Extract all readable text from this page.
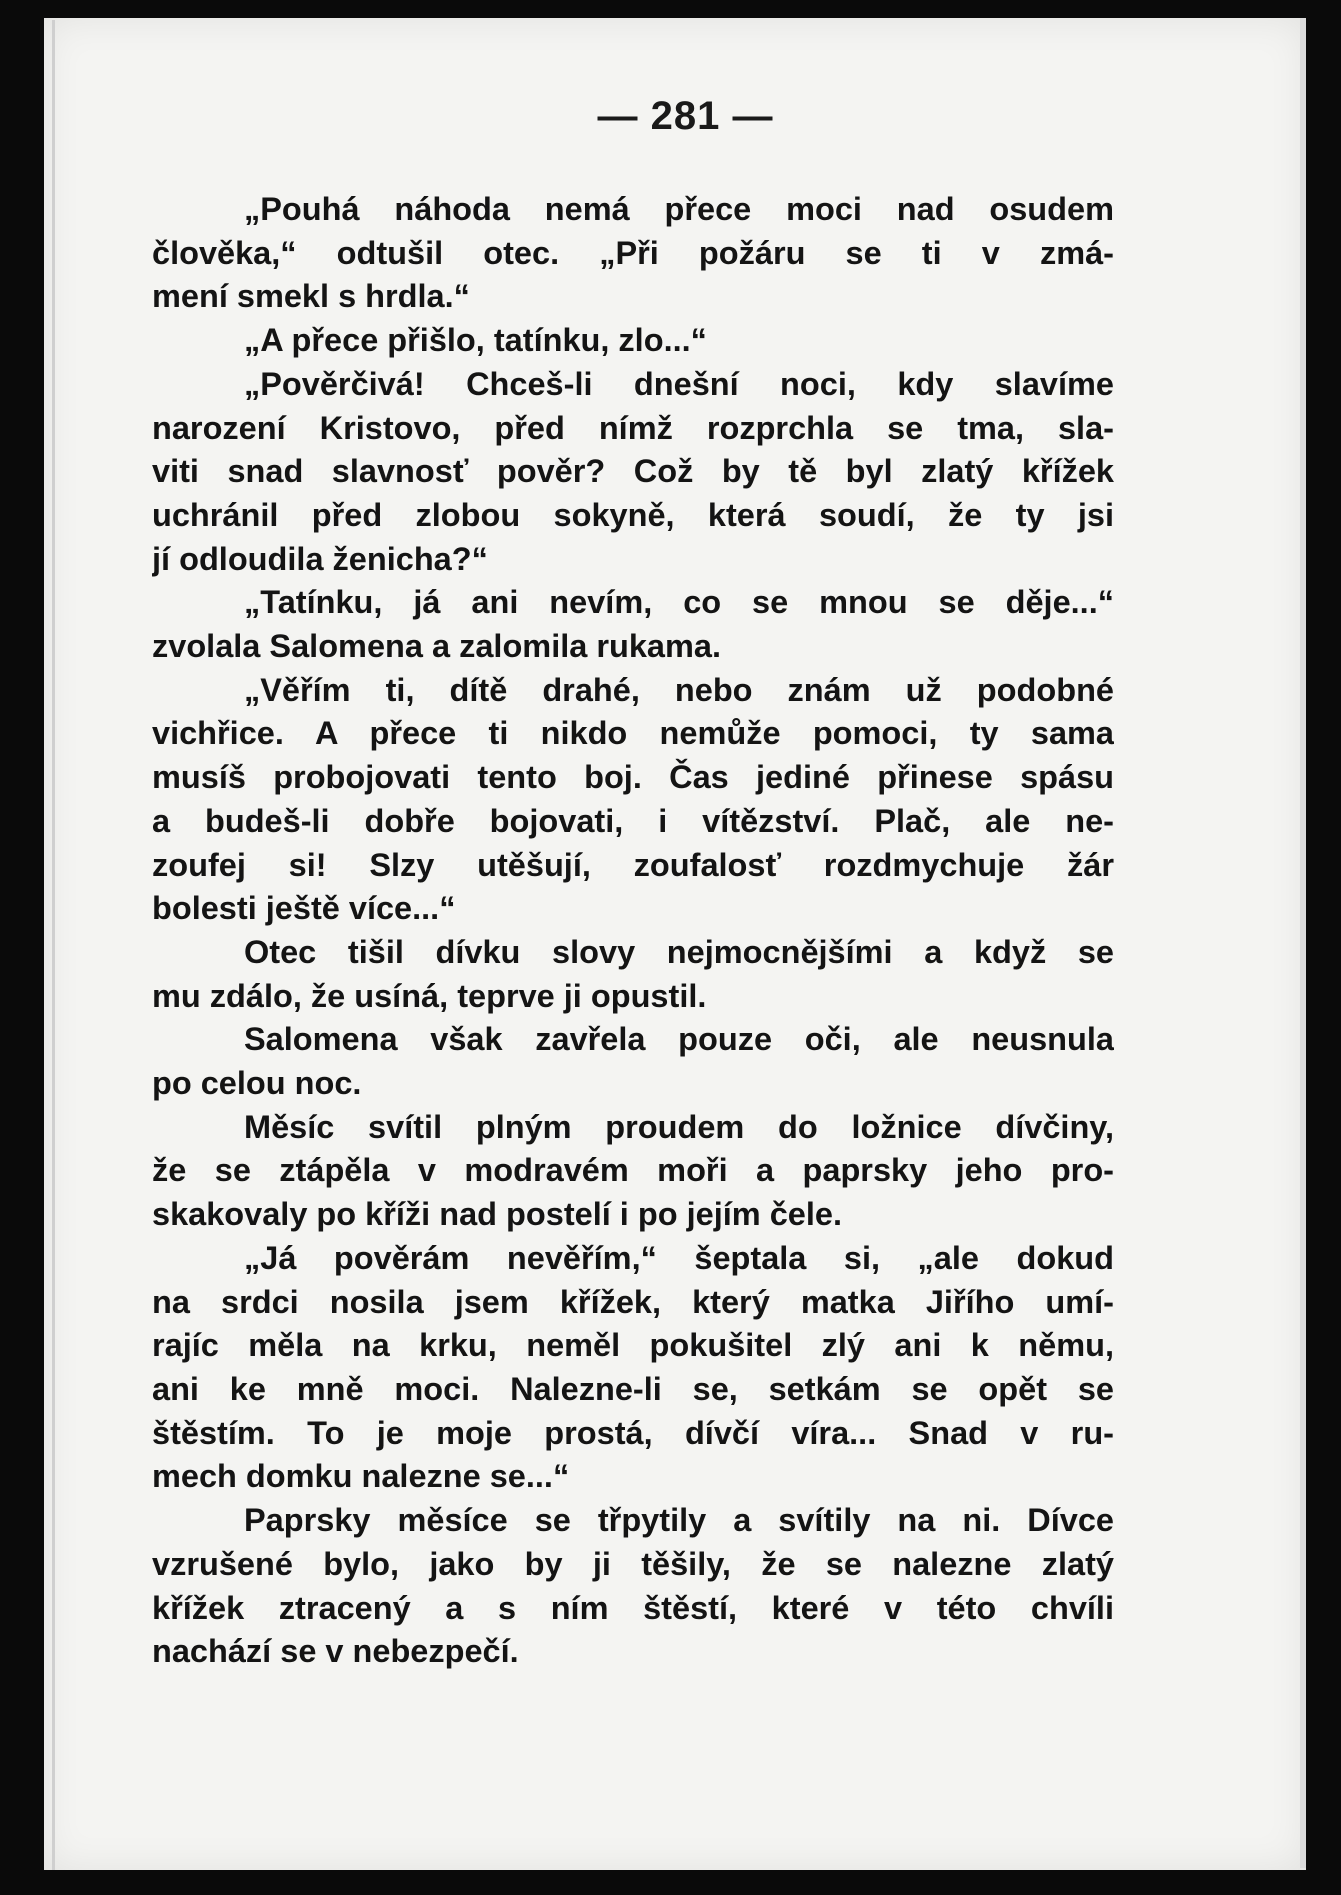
— 281 —
„Pouhá náhoda nemá přece moci nad osudem
člověka,“ odtušil otec. „Při požáru se ti v zmá-
mení smekl s hrdla.“
„A přece přišlo, tatínku, zlo...“
„Pověrčivá! Chceš-li dnešní noci, kdy slavíme
narození Kristovo, před nímž rozprchla se tma, sla-
viti snad slavnosť pověr? Což by tě byl zlatý křížek
uchránil před zlobou sokyně, která soudí, že ty jsi
jí odloudila ženicha?“
„Tatínku, já ani nevím, co se mnou se děje...“
zvolala Salomena a zalomila rukama.
„Věřím ti, dítě drahé, nebo znám už podobné
vichřice. A přece ti nikdo nemůže pomoci, ty sama
musíš probojovati tento boj. Čas jediné přinese spásu
a budeš-li dobře bojovati, i vítězství. Plač, ale ne-
zoufej si! Slzy utěšují, zoufalosť rozdmychuje žár
bolesti ještě více...“
Otec tišil dívku slovy nejmocnějšími a když se
mu zdálo, že usíná, teprve ji opustil.
Salomena však zavřela pouze oči, ale neusnula
po celou noc.
Měsíc svítil plným proudem do ložnice dívčiny,
že se ztápěla v modravém moři a paprsky jeho pro-
skakovaly po kříži nad postelí i po jejím čele.
„Já pověrám nevěřím,“ šeptala si, „ale dokud
na srdci nosila jsem křížek, který matka Jiřího umí-
rajíc měla na krku, neměl pokušitel zlý ani k němu,
ani ke mně moci. Nalezne-li se, setkám se opět se
štěstím. To je moje prostá, dívčí víra... Snad v ru-
mech domku nalezne se...“
Paprsky měsíce se třpytily a svítily na ni. Dívce
vzrušené bylo, jako by ji těšily, že se nalezne zlatý
křížek ztracený a s ním štěstí, které v této chvíli
nachází se v nebezpečí.
